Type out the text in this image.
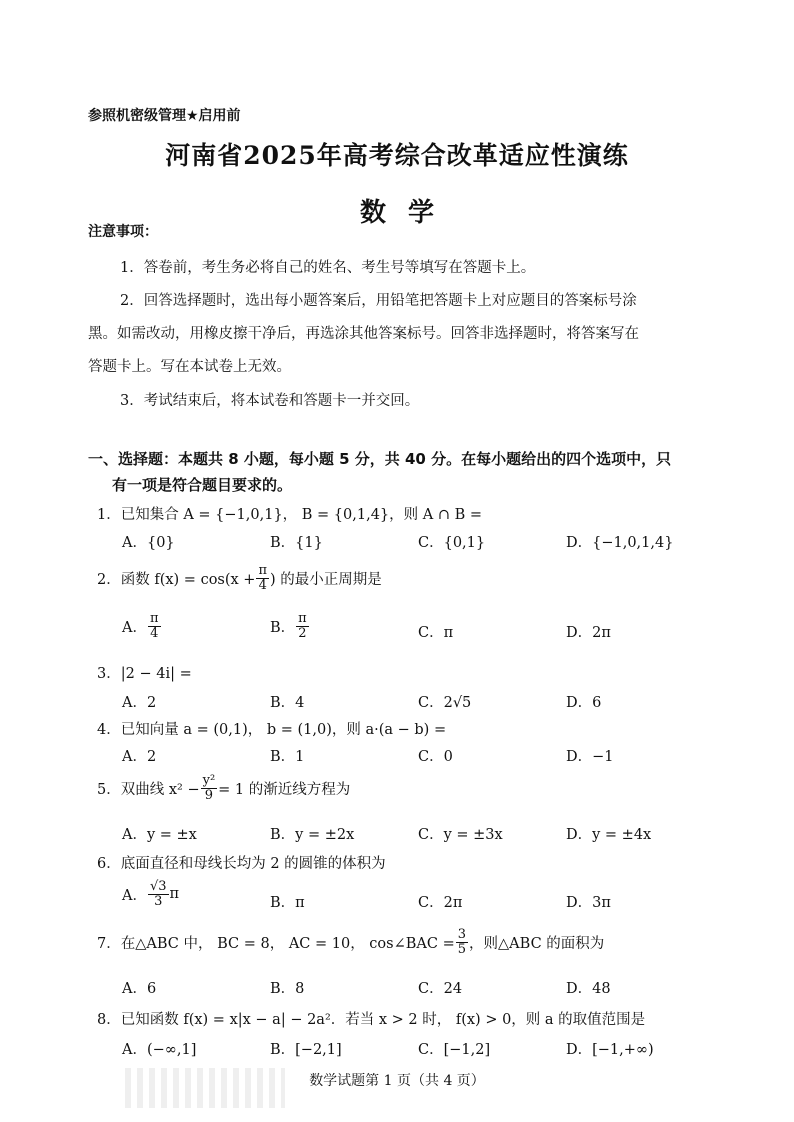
参照机密级管理★启用前
河南省2025年高考综合改革适应性演练
数学
注意事项：
1．答卷前，考生务必将自己的姓名、考生号等填写在答题卡上。
2．回答选择题时，选出每小题答案后，用铅笔把答题卡上对应题目的答案标号涂
黑。如需改动，用橡皮擦干净后，再选涂其他答案标号。回答非选择题时，将答案写在
答题卡上。写在本试卷上无效。
3．考试结束后，将本试卷和答题卡一并交回。
一、选择题：本题共 8 小题，每小题 5 分，共 40 分。在每小题给出的四个选项中，只
有一项是符合题目要求的。
1．已知集合 A = {−1,0,1}， B = {0,1,4}，则 A ∩ B =
A．{0}	B．{1}	C．{0,1}	D．{−1,0,1,4}
2． 函数 $f(x) = \cos(x + \frac{\pi}{4}$ ) 的最小正周期是
A． $\frac{\pi}{4}$	B． $\frac{\pi}{2}$	C．π	D．2π
3．|2 − 4i| =
A．2	B．4	C．2√5	D．6
4．已知向量 a = (0,1)， b = (1,0)，则 a·(a − b) =
A．2	B．1	C．0	D．−1
5． 双曲线 $x^2 - \frac{\text{y²}}{9} = 1$ 的渐近线方程为
A．y = ±x	B．y = ±2x	C．y = ±3x	D．y = ±4x
6．底面直径和母线长均为 2 的圆锥的体积为
A． $\frac{√3}{3}$ π
B．π	C．2π	D．3π
7． 在△ABC 中， BC = 8， AC = 10， cos∠BAC = $\frac{3}{5}$ ，则△ABC 的面积为
A．6	B．8	C．24	D．48
8．已知函数 f(x) = x|x − a| − 2a²．若当 x > 2 时， f(x) > 0，则 a 的取值范围是
A．(−∞,1]	B．[−2,1]	C．[−1,2]	D．[−1,+∞)
数学试题第 1 页（共 4 页）
